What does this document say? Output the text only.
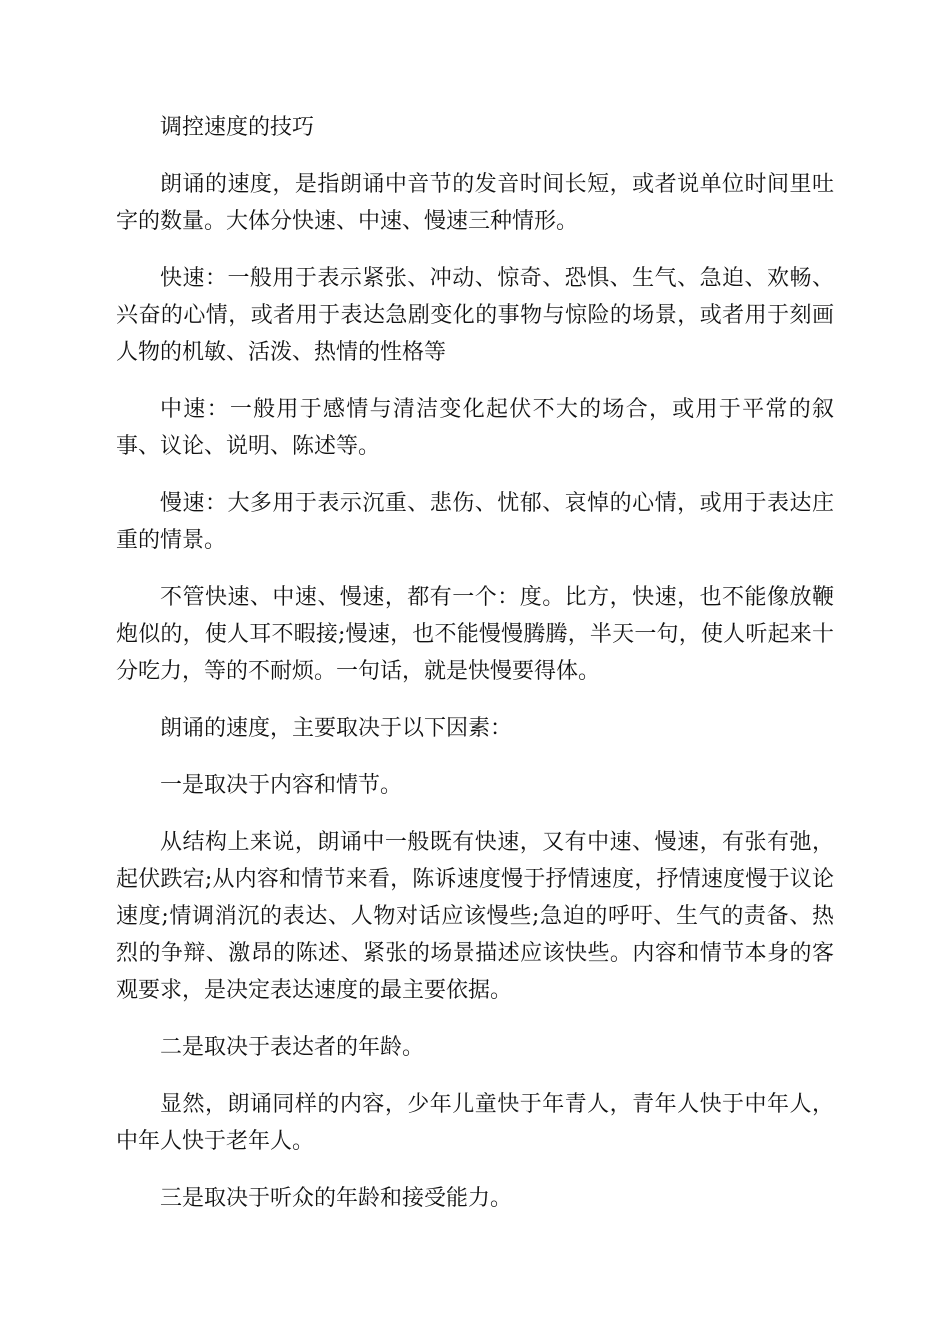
调控速度的技巧

朗诵的速度，是指朗诵中音节的发音时间长短，或者说单位时间里吐字的数量。大体分快速、中速、慢速三种情形。

快速：一般用于表示紧张、冲动、惊奇、恐惧、生气、急迫、欢畅、兴奋的心情，或者用于表达急剧变化的事物与惊险的场景，或者用于刻画人物的机敏、活泼、热情的性格等

中速：一般用于感情与清洁变化起伏不大的场合，或用于平常的叙事、议论、说明、陈述等。

慢速：大多用于表示沉重、悲伤、忧郁、哀悼的心情，或用于表达庄重的情景。

不管快速、中速、慢速，都有一个：度。比方，快速，也不能像放鞭炮似的，使人耳不暇接;慢速，也不能慢慢腾腾，半天一句，使人听起来十分吃力，等的不耐烦。一句话，就是快慢要得体。

朗诵的速度，主要取决于以下因素：

一是取决于内容和情节。

从结构上来说，朗诵中一般既有快速，又有中速、慢速，有张有弛，起伏跌宕;从内容和情节来看，陈诉速度慢于抒情速度，抒情速度慢于议论速度;情调消沉的表达、人物对话应该慢些;急迫的呼吁、生气的责备、热烈的争辩、激昂的陈述、紧张的场景描述应该快些。内容和情节本身的客观要求，是决定表达速度的最主要依据。

二是取决于表达者的年龄。

显然，朗诵同样的内容，少年儿童快于年青人，青年人快于中年人，中年人快于老年人。

三是取决于听众的年龄和接受能力。
